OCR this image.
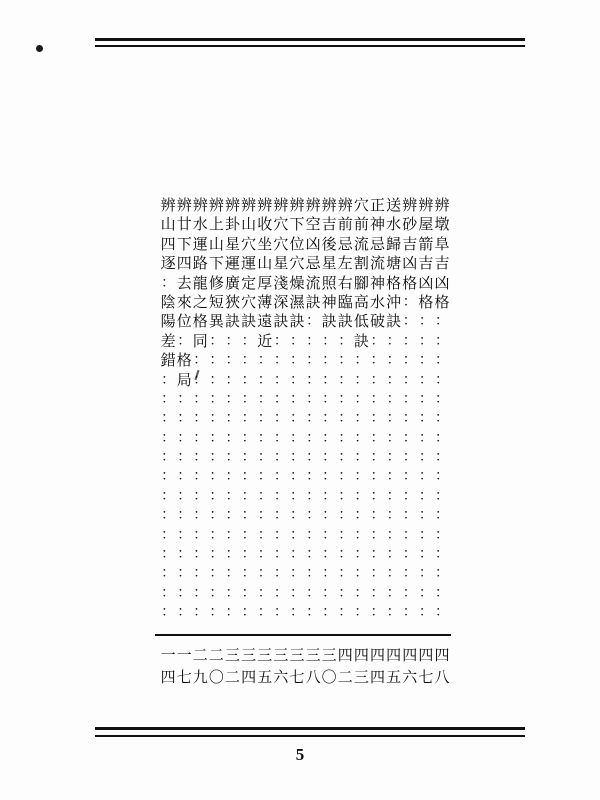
辨
墩
阜
吉
凶
格
：
：
：
：
：
：
：
：
：
：
：
：
：
：
：
：
辨
屋
箭
吉
凶
格
：
：
：
：
：
：
：
：
：
：
：
：
：
：
：
：
辨
砂
吉
凶
格
：
：
：
：
：
：
：
：
：
：
：
：
：
：
：
：
：
送
水
歸
塘
格
沖
訣
：
：
：
：
：
：
：
：
：
：
：
：
：
：
：
正
神
忌
流
神
水
破
：
：
：
：
：
：
：
：
：
：
：
：
：
：
：
穴
前
流
割
腳
高
低
訣
：
：
：
：
：
：
：
：
：
：
：
：
：
：
辨
前
忌
左
右
臨
訣
：
：
：
：
：
：
：
：
：
：
：
：
：
：
：
辨
吉
後
星
照
神
訣
：
：
：
：
：
：
：
：
：
：
：
：
：
：
：
辨
空
凶
忌
流
訣
：
：
：
：
：
：
：
：
：
：
：
：
：
：
：
：
辨
下
位
穴
燥
濕
訣
：
：
：
：
：
：
：
：
：
：
：
：
：
：
：
辨
穴
穴
星
淺
深
訣
：
：
：
：
：
：
：
：
：
：
：
：
：
：
：
辨
收
坐
山
厚
薄
遠
近
：
：
：
：
：
：
：
：
：
：
：
：
：
：
辨
山
穴
運
定
穴
訣
：
：
：
：
：
：
：
：
：
：
：
：
：
：
：
辨
卦
星
運
廣
狹
訣
：
：
：
：
：
：
：
：
：
：
：
：
：
：
：
辨
上
山
下
修
短
異
：
：
：
：
：
：
：
：
：
：
：
：
：
：
：
辨
水
運
路
龍
之
格
同
：
：
：
：
：
：
：
：
：
：
：
：
：
：
辨
廿
下
四
去
來
位
：
格
局
：
：
：
：
：
：
：
：
：
：
：
：
辨
山
四
逐
：
陰
陽
差
錯
：
：
：
：
：
：
：
：
：
：
：
：
：
四
八
四
七
四
六
四
五
四
四
四
三
四
二
三
〇
三
八
三
七
三
六
三
五
三
四
三
二
二
〇
二
九
一
七
一
四
5
